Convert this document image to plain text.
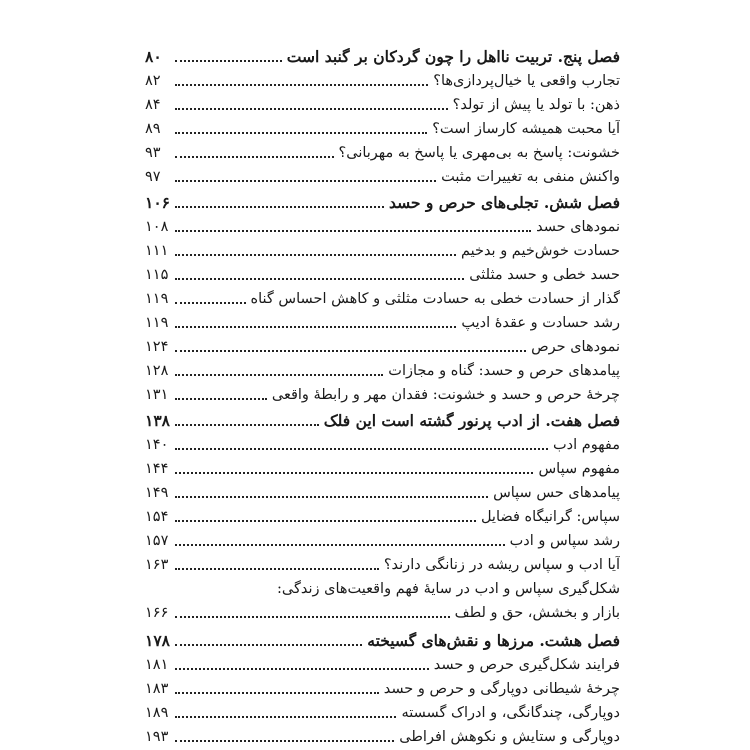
فصل پنج. تربیت نااهل را چون گردکان بر گنبد است
۸۰
تجارب واقعی یا خیال‌پردازی‌ها؟
۸۲
ذهن: با تولد یا پیش از تولد؟
۸۴
آیا محبت همیشه کارساز است؟
۸۹
خشونت: پاسخ به بی‌مهری یا پاسخ به مهربانی؟
۹۳
واکنش منفی به تغییرات مثبت
۹۷
فصل شش. تجلی‌های حرص و حسد
۱۰۶
نمودهای حسد
۱۰۸
حسادت خوش‌خیم و بدخیم
۱۱۱
حسد خطی و حسد مثلثی
۱۱۵
گذار از حسادت خطی به حسادت مثلثی و کاهش احساس گناه
۱۱۹
رشد حسادت و عقدهٔ ادیپ
۱۱۹
نمودهای حرص
۱۲۴
پیامدهای حرص و حسد: گناه و مجازات
۱۲۸
چرخهٔ حرص و حسد و خشونت: فقدان مهر و رابطهٔ واقعی
۱۳۱
فصل هفت. از ادب پرنور گشته است این فلک
۱۳۸
مفهوم ادب
۱۴۰
مفهوم سپاس
۱۴۴
پیامدهای حس سپاس
۱۴۹
سپاس: گرانیگاه فضایل
۱۵۴
رشد سپاس و ادب
۱۵۷
آیا ادب و سپاس ریشه در زنانگی دارند؟
۱۶۳
شکل‌گیری سپاس و ادب در سایهٔ فهم واقعیت‌های زندگی:
بازار و بخشش، حق و لطف
۱۶۶
فصل هشت. مرزها و نقش‌های گسیخته
۱۷۸
فرایند شکل‌گیری حرص و حسد
۱۸۱
چرخهٔ شیطانی دوپارگی و حرص و حسد
۱۸۳
دوپارگی، چندگانگی، و ادراک گسسته
۱۸۹
دوپارگی و ستایش و نکوهش افراطی
۱۹۳
